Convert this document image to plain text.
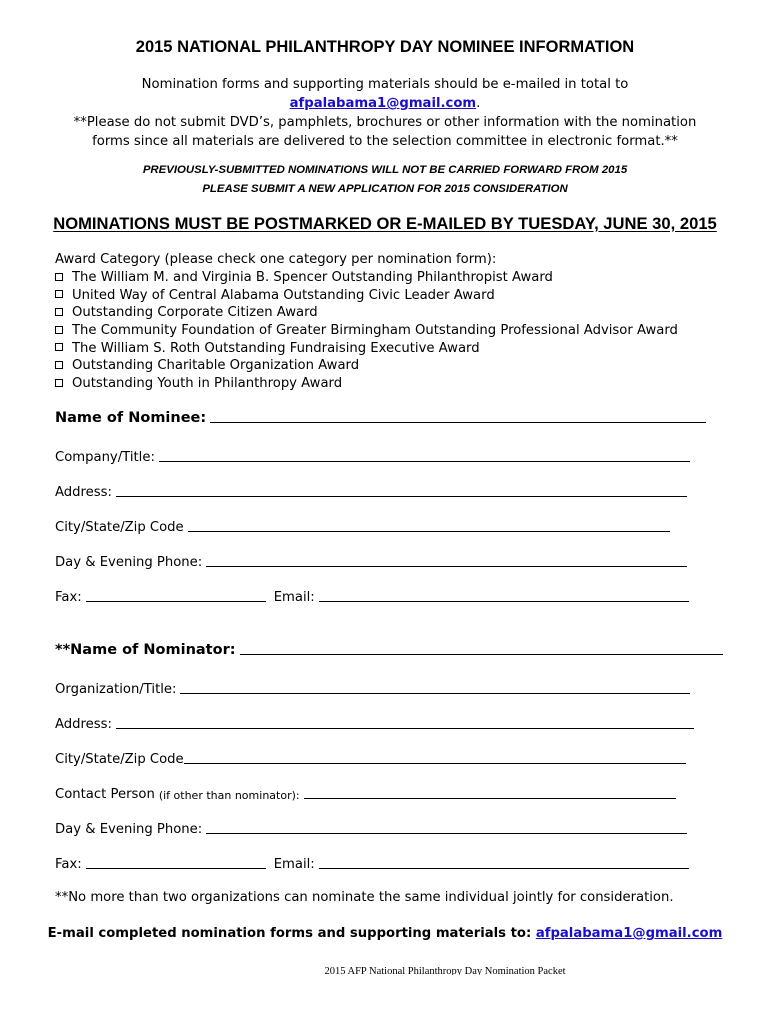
2015 NATIONAL PHILANTHROPY DAY NOMINEE INFORMATION
Nomination forms and supporting materials should be e-mailed in total to
afpalabama1@gmail.com.
**Please do not submit DVD’s, pamphlets, brochures or other information with the nomination
forms since all materials are delivered to the selection committee in electronic format.**
PREVIOUSLY-SUBMITTED NOMINATIONS WILL NOT BE CARRIED FORWARD FROM 2015
PLEASE SUBMIT A NEW APPLICATION FOR 2015 CONSIDERATION
NOMINATIONS MUST BE POSTMARKED OR E-MAILED BY TUESDAY, JUNE 30, 2015
Award Category (please check one category per nomination form):
The William M. and Virginia B. Spencer Outstanding Philanthropist Award
United Way of Central Alabama Outstanding Civic Leader Award
Outstanding Corporate Citizen Award
The Community Foundation of Greater Birmingham Outstanding Professional Advisor Award
The William S. Roth Outstanding Fundraising Executive Award
Outstanding Charitable Organization Award
Outstanding Youth in Philanthropy Award
Name of Nominee :
Company/Title:
Address:
City/State/Zip Code
Day & Evening Phone:
Fax:	Email:
**Name of Nominator :
Organization/Title:
Address:
City/State/Zip Code
Contact Person (if other than nominator):
Day & Evening Phone:
Fax:	Email:
**No more than two organizations can nominate the same individual jointly for consideration.
E-mail completed nomination forms and supporting materials to: afpalabama1@gmail.com
2015 AFP National Philanthropy Day Nomination Packet
